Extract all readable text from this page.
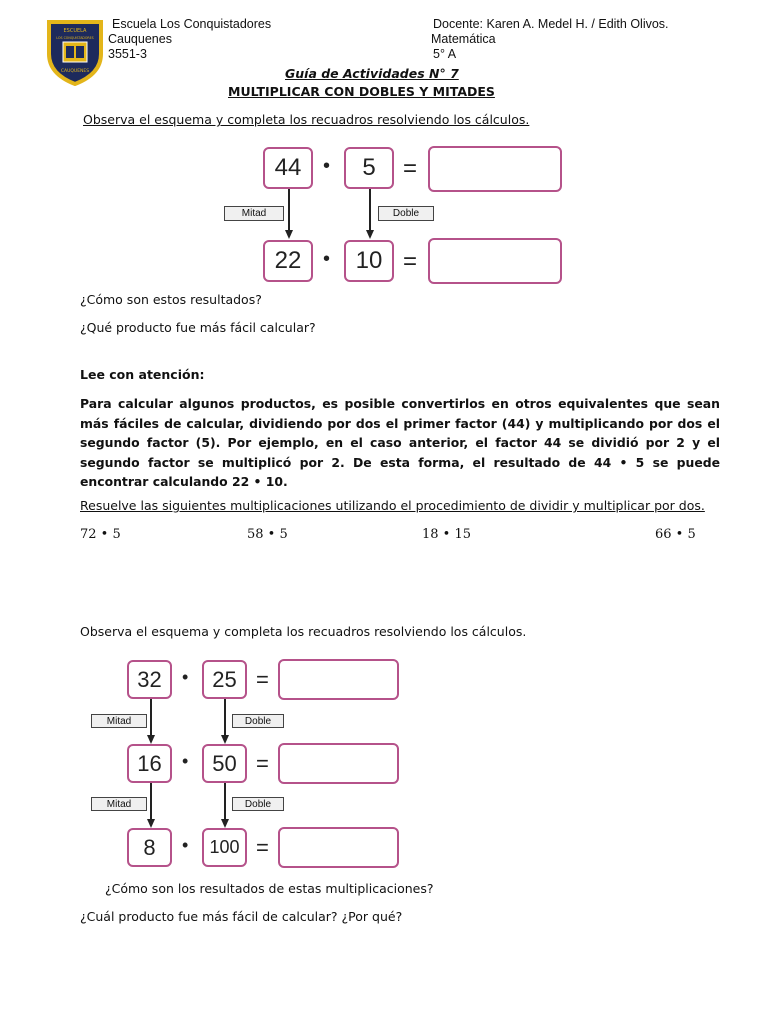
ESCUELA
LOS CONQUISTADORES
CAUQUENES
Escuela Los Conquistadores
Cauquenes
3551-3
Docente: Karen A. Medel H. / Edith Olivos.
Matemática
5° A
Guía de Actividades N° 7
MULTIPLICAR CON DOBLES Y MITADES
Observa el esquema y completa los recuadros resolviendo los cálculos.
44	•	5	=
Mitad	Doble
22	•	10 =
¿Cómo son estos resultados?
¿Qué producto fue más fácil calcular?
Lee con atención:
Para calcular algunos productos, es posible convertirlos en otros equivalentes que sean más fáciles de calcular, dividiendo por dos el primer factor (44) y multiplicando por dos el segundo factor (5). Por ejemplo, en el caso anterior, el factor 44 se dividió por 2 y el segundo factor se multiplicó por 2. De esta forma, el resultado de 44 • 5 se puede encontrar calculando 22 • 10.
Resuelve las siguientes multiplicaciones utilizando el procedimiento de dividir y multiplicar por dos.
72 • 5	58 • 5	18 • 15	66 • 5
Observa el esquema y completa los recuadros resolviendo los cálculos.
32	•	25 =
Mitad	Doble
16	•	50 =
Mitad	Doble
8	•	100 =
¿Cómo son los resultados de estas multiplicaciones?
¿Cuál producto fue más fácil de calcular? ¿Por qué?
